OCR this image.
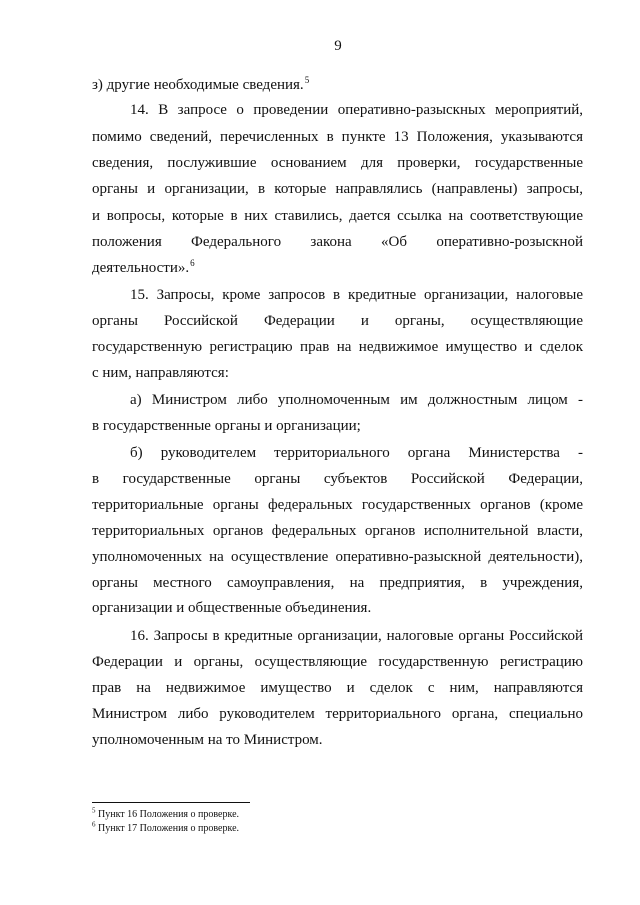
9
з) другие необходимые сведения.$^5$
14. В запросе о проведении оперативно-разыскных мероприятий,
помимо сведений, перечисленных в пункте 13 Положения, указываются
сведения, послужившие основанием для проверки, государственные
органы и организации, в которые направлялись (направлены) запросы,
и вопросы, которые в них ставились, дается ссылка на соответствующие
положения Федерального закона «Об оперативно-розыскной
деятельности».$^6$
15. Запросы, кроме запросов в кредитные организации, налоговые
органы Российской Федерации и органы, осуществляющие
государственную регистрацию прав на недвижимое имущество и сделок
с ним, направляются:
а) Министром либо уполномоченным им должностным лицом -
в государственные органы и организации;
б) руководителем территориального органа Министерства -
в государственные органы субъектов Российской Федерации,
территориальные органы федеральных государственных органов (кроме
территориальных органов федеральных органов исполнительной власти,
уполномоченных на осуществление оперативно-разыскной деятельности),
органы местного самоуправления, на предприятия, в учреждения,
организации и общественные объединения.
16. Запросы в кредитные организации, налоговые органы Российской
Федерации и органы, осуществляющие государственную регистрацию
прав на недвижимое имущество и сделок с ним, направляются
Министром либо руководителем территориального органа, специально
уполномоченным на то Министром.
$^5$ Пункт 16 Положения о проверке.
$^6$ Пункт 17 Положения о проверке.
